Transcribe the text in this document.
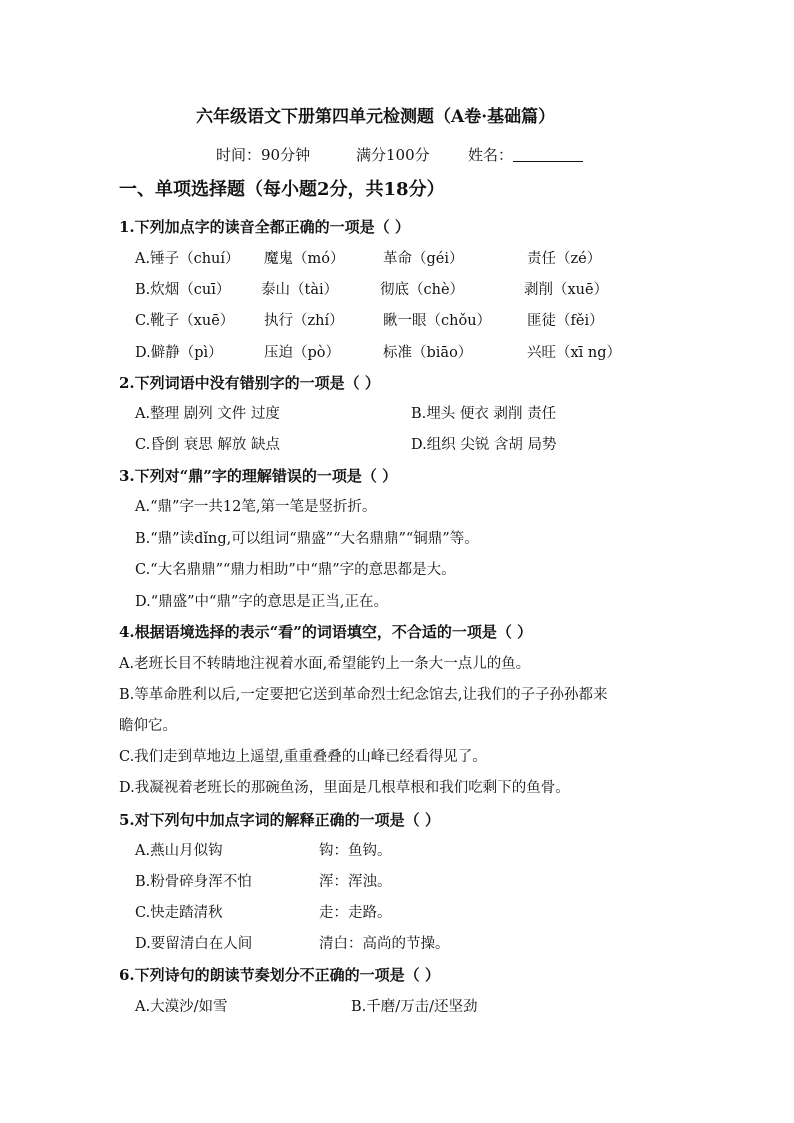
六年级语文下册第四单元检测题（A卷·基础篇）
时间：90分钟	满分100分	姓名：
一、单项选择题（每小题2分，共18分）
1.下列加点字的读音全都正确的一项是（ ）
A.锤子（chuí） 魔鬼（mó）	革命（géi）	责任（zé）
B.炊烟（cuī） 泰山（tài）	彻底（chè）	剥削（xuē）
C.靴子（xuē） 执行（zhí）	瞅一眼（chǒu） 匪徒（fěi）
D.僻静（pì）	压迫（pò）	标准（biāo）	兴旺（xī ng）
2.下列词语中没有错别字的一项是（ ）
A.整理 剧列 文件 过度	B.埋头 便衣 剥削 责任
C.昏倒 衰思 解放 缺点	D.组织 尖锐 含胡 局势
3.下列对“鼎”字的理解错误的一项是（ ）
A.“鼎”字一共12笔,第一笔是竖折折。
B.“鼎”读dǐng,可以组词“鼎盛”“大名鼎鼎”“铜鼎”等。
C.“大名鼎鼎”“鼎力相助”中“鼎”字的意思都是大。
D.“鼎盛”中“鼎”字的意思是正当,正在。
4.根据语境选择的表示“看”的词语填空，不合适的一项是（ ）
A.老班长目不转睛地注视着水面,希望能钓上一条大一点儿的鱼。
B.等革命胜利以后,一定要把它送到革命烈士纪念馆去,让我们的子子孙孙都来
瞻仰它。
C.我们走到草地边上遥望,重重叠叠的山峰已经看得见了。
D.我凝视着老班长的那碗鱼汤，里面是几根草根和我们吃剩下的鱼骨。
5.对下列句中加点字词的解释正确的一项是（ ）
A.燕山月似钩	钩：鱼钩。
B.粉骨碎身浑不怕	浑：浑浊。
C.快走踏清秋	走：走路。
D.要留清白在人间	清白：高尚的节操。
6.下列诗句的朗读节奏划分不正确的一项是（ ）
A.大漠沙/如雪	B.千磨/万击/还坚劲
